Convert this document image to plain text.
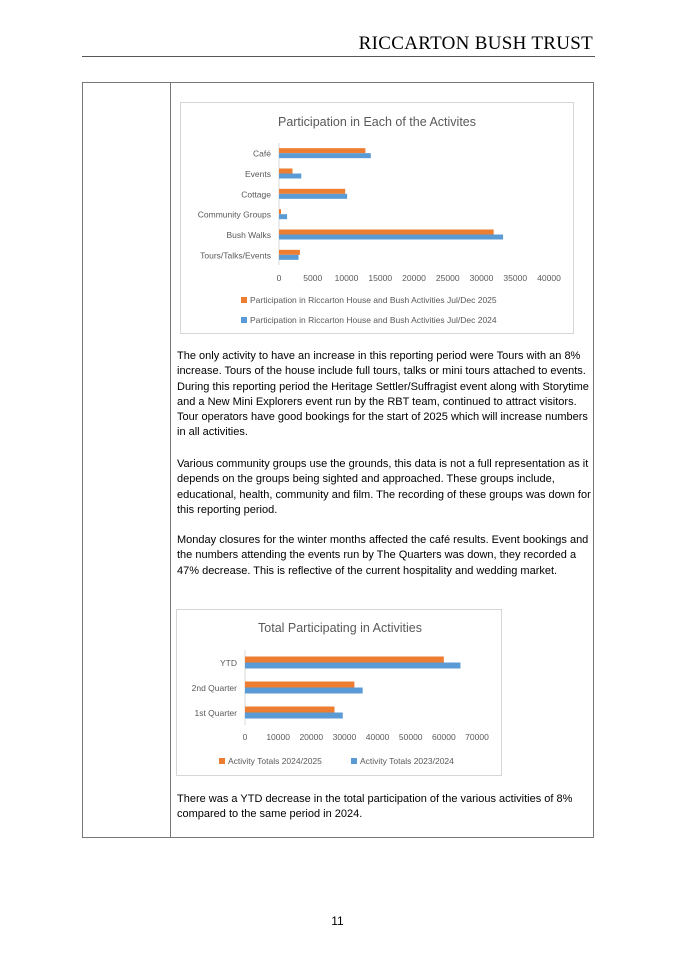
RICCARTON BUSH TRUST
Participation in Each of the Activites
Café
Events
Cottage
Community Groups
Bush Walks
Tours/Talks/Events
0	5000 10000 15000 20000 25000 30000 35000 40000
Participation in Riccarton House and Bush Activities Jul/Dec 2025
Participation in Riccarton House and Bush Activities Jul/Dec 2024

The only activity to have an increase in this reporting period were Tours with an 8% increase. Tours of the house include full tours, talks or mini tours attached to events. During this reporting period the Heritage Settler/Suffragist event along with Storytime and a New Mini Explorers event run by the RBT team, continued to attract visitors. Tour operators have good bookings for the start of 2025 which will increase numbers in all activities.

Various community groups use the grounds, this data is not a full representation as it depends on the groups being sighted and approached. These groups include, educational, health, community and film. The recording of these groups was down for this reporting period.

Monday closures for the winter months affected the café results. Event bookings and the numbers attending the events run by The Quarters was down, they recorded a 47% decrease. This is reflective of the current hospitality and wedding market.

Total Participating in Activities
YTD
2nd Quarter
1st Quarter
0 10000 20000 30000 40000 50000 60000 70000
Activity Totals 2024/2025	Activity Totals 2023/2024

There was a YTD decrease in the total participation of the various activities of 8% compared to the same period in 2024.

11
